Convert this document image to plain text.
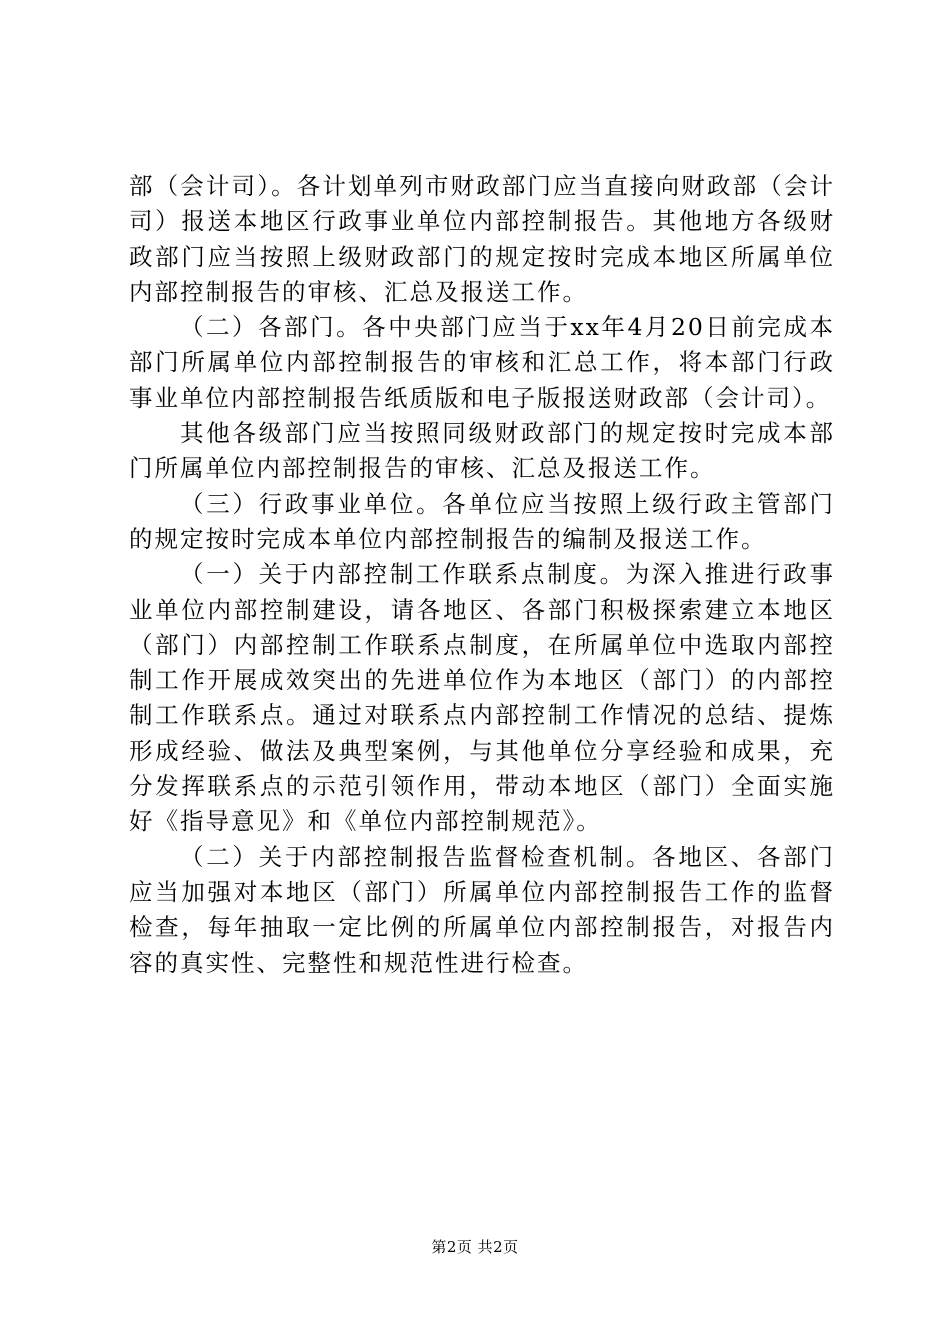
部（会计司）。各计划单列市财政部门应当直接向财政部（会计司）报送本地区行政事业单位内部控制报告。其他地方各级财政部门应当按照上级财政部门的规定按时完成本地区所属单位内部控制报告的审核、汇总及报送工作。

（二）各部门。各中央部门应当于xx年4月20日前完成本部门所属单位内部控制报告的审核和汇总工作，将本部门行政事业单位内部控制报告纸质版和电子版报送财政部（会计司）。

其他各级部门应当按照同级财政部门的规定按时完成本部门所属单位内部控制报告的审核、汇总及报送工作。

（三）行政事业单位。各单位应当按照上级行政主管部门的规定按时完成本单位内部控制报告的编制及报送工作。

（一）关于内部控制工作联系点制度。为深入推进行政事业单位内部控制建设，请各地区、各部门积极探索建立本地区（部门）内部控制工作联系点制度，在所属单位中选取内部控制工作开展成效突出的先进单位作为本地区（部门）的内部控制工作联系点。通过对联系点内部控制工作情况的总结、提炼形成经验、做法及典型案例，与其他单位分享经验和成果，充分发挥联系点的示范引领作用，带动本地区（部门）全面实施好《指导意见》和《单位内部控制规范》。

（二）关于内部控制报告监督检查机制。各地区、各部门应当加强对本地区（部门）所属单位内部控制报告工作的监督检查，每年抽取一定比例的所属单位内部控制报告，对报告内容的真实性、完整性和规范性进行检查。

第2页 共2页
